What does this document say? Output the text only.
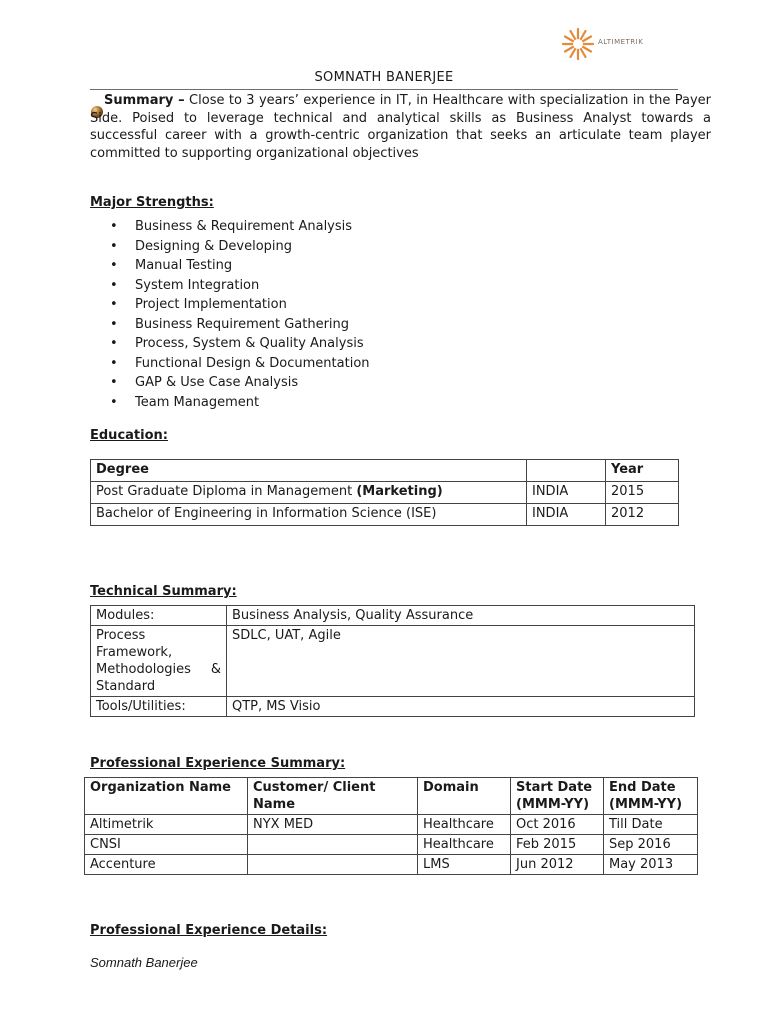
ALTIMETRIK
SOMNATH BANERJEE
Summary – Close to 3 years’ experience in IT, in Healthcare with specialization in the Payer Side. Poised to leverage technical and analytical skills as Business Analyst towards a successful career with a growth-centric organization that seeks an articulate team player committed to supporting organizational objectives
Major Strengths:
• Business & Requirement Analysis
• Designing & Developing
• Manual Testing
• System Integration
• Project Implementation
• Business Requirement Gathering
• Process, System & Quality Analysis
• Functional Design & Documentation
• GAP & Use Case Analysis
• Team Management
Education:
Degree		Year
Post Graduate Diploma in Management (Marketing)	INDIA	2015
Bachelor of Engineering in Information Science (ISE)	INDIA	2012
Technical Summary:
Modules:	Business Analysis, Quality Assurance

Process
Framework,
Methodologies &
Standard	SDLC, UAT, Agile
Tools/Utilities:	QTP, MS Visio
Professional Experience Summary:
Organization Name	Customer/ Client Name	Domain	Start Date (MMM-YY)	End Date (MMM-YY)
Altimetrik	NYX MED	Healthcare	Oct 2016	Till Date
CNSI		Healthcare	Feb 2015	Sep 2016
Accenture		LMS	Jun 2012	May 2013
Professional Experience Details:
Somnath Banerjee
